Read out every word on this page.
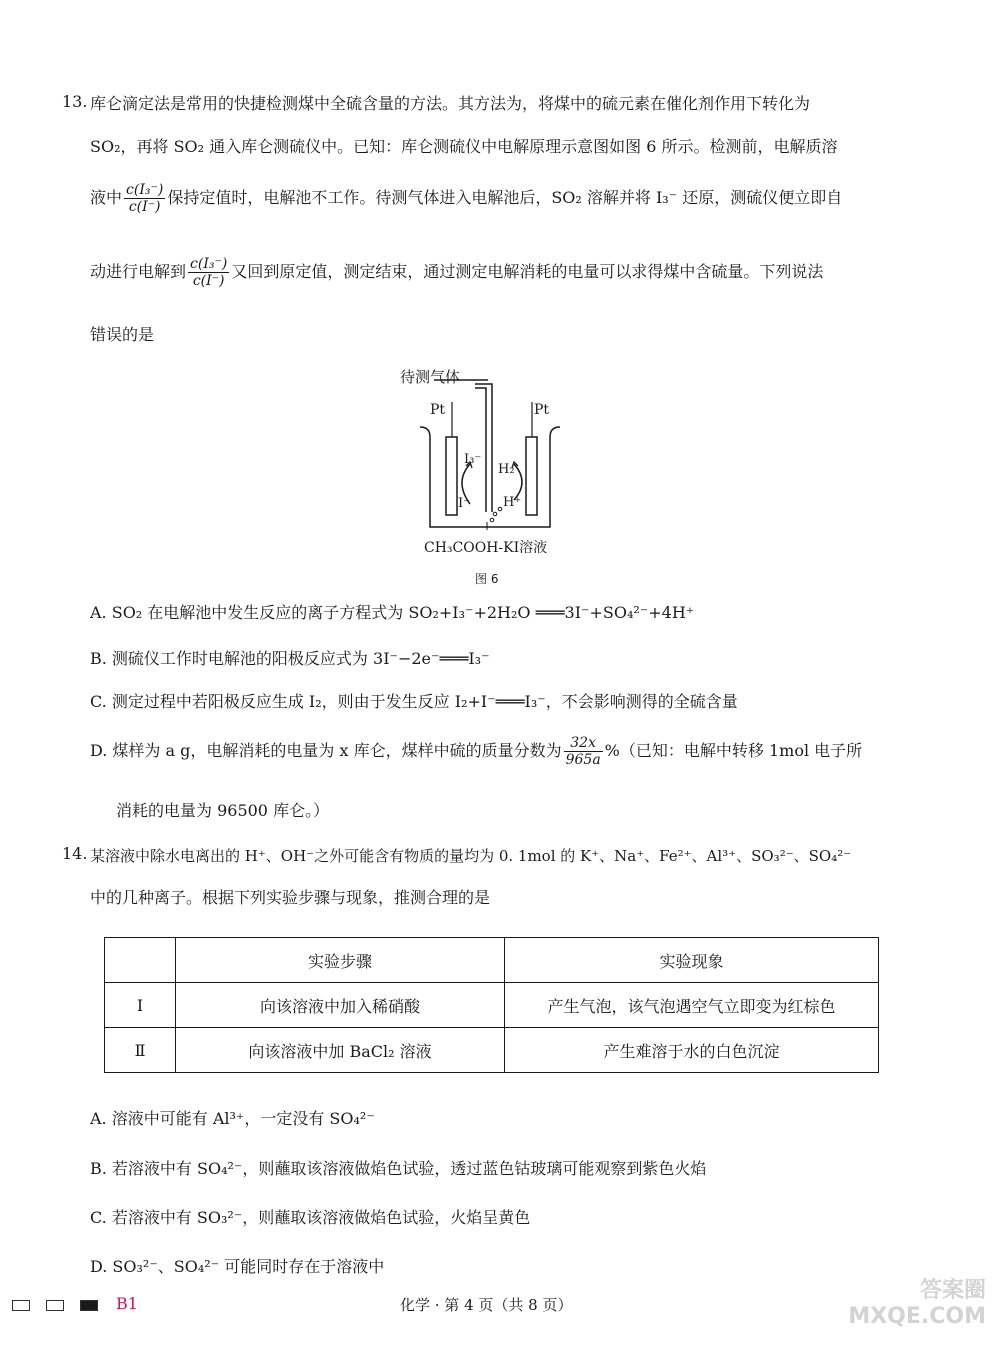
13. 库仑滴定法是常用的快捷检测煤中全硫含量的方法。其方法为，将煤中的硫元素在催化剂作用下转化为
SO₂，再将 SO₂ 通入库仑测硫仪中。已知：库仑测硫仪中电解原理示意图如图 6 所示。检测前，电解质溶
液中 $\frac{\text{c(I₃⁻)}}{c(I^-)}$ 保持定值时，电解池不工作。待测气体进入电解池后，SO₂ 溶解并将 I₃⁻ 还原，测硫仪便立即自
动进行电解到 $\frac{\text{c(I₃⁻)}}{c(I^-)}$ 又回到原定值，测定结束，通过测定电解消耗的电量可以求得煤中含硫量。下列说法
错误的是
待测气体
Pt	Pt
I₃⁻
I⁻
H₂
H⁺
CH₃COOH-KI溶液
图 6
A. SO₂ 在电解池中发生反应的离子方程式为 SO₂+I₃⁻+2H₂O ═══3I⁻+SO₄²⁻+4H⁺
B. 测硫仪工作时电解池的阳极反应式为 3I⁻−2e⁻═══I₃⁻
C. 测定过程中若阳极反应生成 I₂，则由于发生反应 I₂+I⁻═══I₃⁻，不会影响测得的全硫含量
D. 煤样为 a g，电解消耗的电量为 x 库仑，煤样中硫的质量分数为 $\frac{32x}{965a}$ %（已知：电解中转移 1mol 电子所
消耗的电量为 96500 库仑。）
14. 某溶液中除水电离出的 H⁺、OH⁻之外可能含有物质的量均为 0. 1mol 的 K⁺、Na⁺、Fe²⁺、Al³⁺、SO₃²⁻、SO₄²⁻
中的几种离子。根据下列实验步骤与现象，推测合理的是
	实验步骤	实验现象
Ⅰ	向该溶液中加入稀硝酸	产生气泡，该气泡遇空气立即变为红棕色
Ⅱ	向该溶液中加 BaCl₂ 溶液	产生难溶于水的白色沉淀
A. 溶液中可能有 Al³⁺，一定没有 SO₄²⁻
B. 若溶液中有 SO₄²⁻，则蘸取该溶液做焰色试验，透过蓝色钴玻璃可能观察到紫色火焰
C. 若溶液中有 SO₃²⁻，则蘸取该溶液做焰色试验，火焰呈黄色
D. SO₃²⁻、SO₄²⁻ 可能同时存在于溶液中
B1	化学 · 第 4 页（共 8 页）
答案圈 MXQE.COM
